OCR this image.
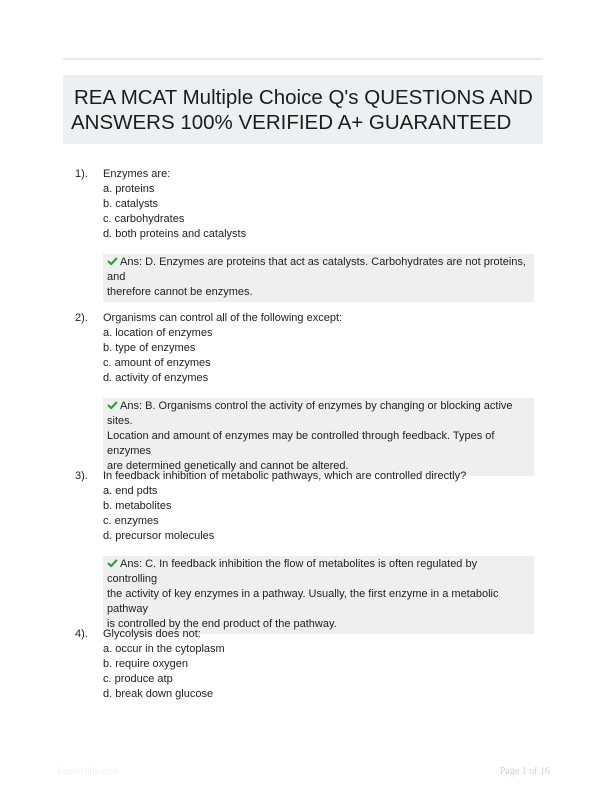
REA MCAT Multiple Choice Q's QUESTIONS AND ANSWERS 100% VERIFIED A+ GUARANTEED
1). Enzymes are:
a. proteins
b. catalysts
c. carbohydrates
d. both proteins and catalysts
Ans: D. Enzymes are proteins that act as catalysts. Carbohydrates are not proteins, and
therefore cannot be enzymes.
2). Organisms can control all of the following except:
a. location of enzymes
b. type of enzymes
c. amount of enzymes
d. activity of enzymes
Ans: B. Organisms control the activity of enzymes by changing or blocking active sites.
Location and amount of enzymes may be controlled through feedback. Types of enzymes
are determined genetically and cannot be altered.
3). In feedback inhibition of metabolic pathways, which are controlled directly?
a. end pdts
b. metabolites
c. enzymes
d. precursor molecules
Ans: C. In feedback inhibition the flow of metabolites is often regulated by controlling
the activity of key enzymes in a pathway. Usually, the first enzyme in a metabolic pathway
is controlled by the end product of the pathway.
4). Glycolysis does not:
a. occur in the cytoplasm
b. require oxygen
c. produce atp
d. break down glucose
PaperNibs.com	Page 1 of 16
